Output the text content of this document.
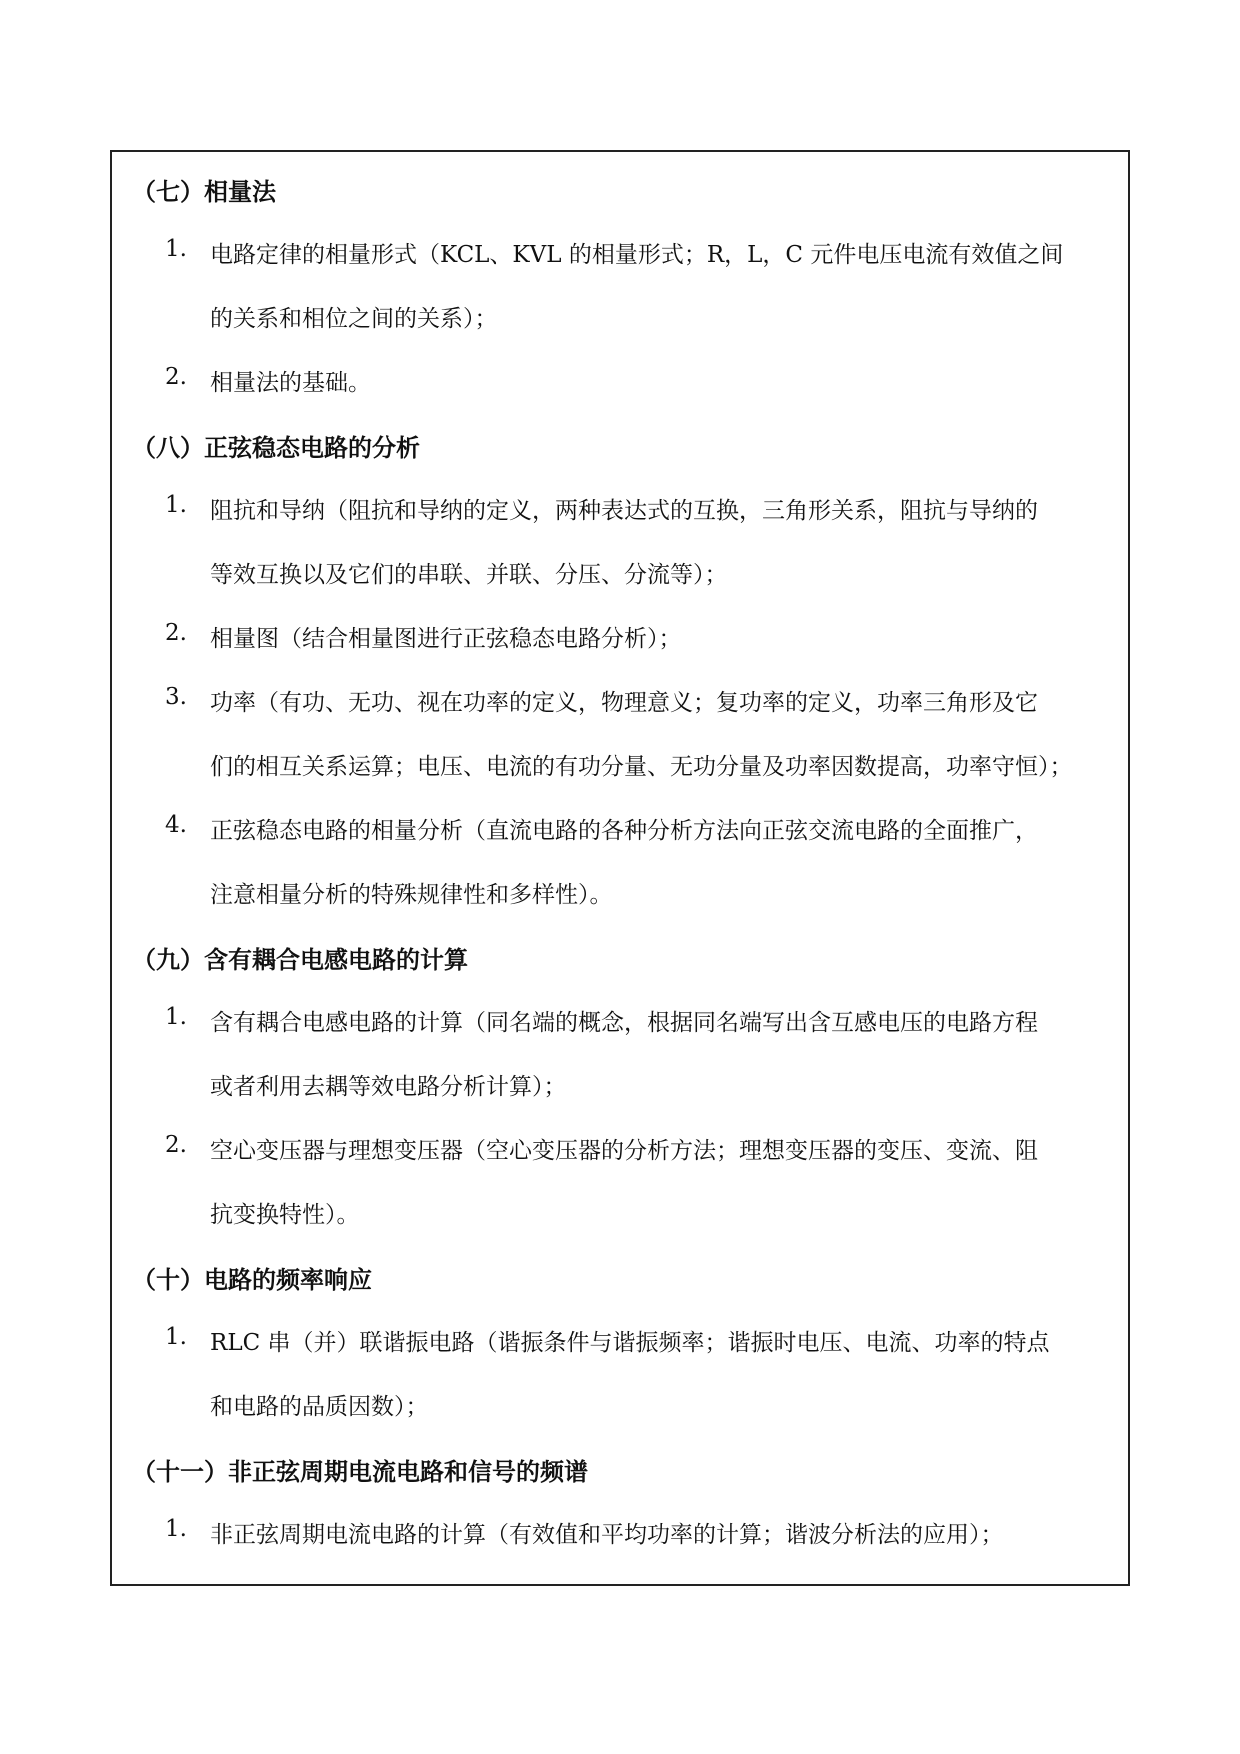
（七）相量法
1. 电路定律的相量形式（KCL、KVL 的相量形式；R，L，C 元件电压电流有效值之间
的关系和相位之间的关系）；
2. 相量法的基础。
（八）正弦稳态电路的分析
1. 阻抗和导纳（阻抗和导纳的定义，两种表达式的互换，三角形关系，阻抗与导纳的
等效互换以及它们的串联、并联、分压、分流等）；
2. 相量图（结合相量图进行正弦稳态电路分析）；
3. 功率（有功、无功、视在功率的定义，物理意义；复功率的定义，功率三角形及它
们的相互关系运算；电压、电流的有功分量、无功分量及功率因数提高，功率守恒）；
4. 正弦稳态电路的相量分析（直流电路的各种分析方法向正弦交流电路的全面推广，
注意相量分析的特殊规律性和多样性）。
（九）含有耦合电感电路的计算
1. 含有耦合电感电路的计算（同名端的概念，根据同名端写出含互感电压的电路方程
或者利用去耦等效电路分析计算）；
2. 空心变压器与理想变压器（空心变压器的分析方法；理想变压器的变压、变流、阻
抗变换特性）。
（十）电路的频率响应
1. RLC 串（并）联谐振电路（谐振条件与谐振频率；谐振时电压、电流、功率的特点
和电路的品质因数）；
（十一）非正弦周期电流电路和信号的频谱
1. 非正弦周期电流电路的计算（有效值和平均功率的计算；谐波分析法的应用）；
